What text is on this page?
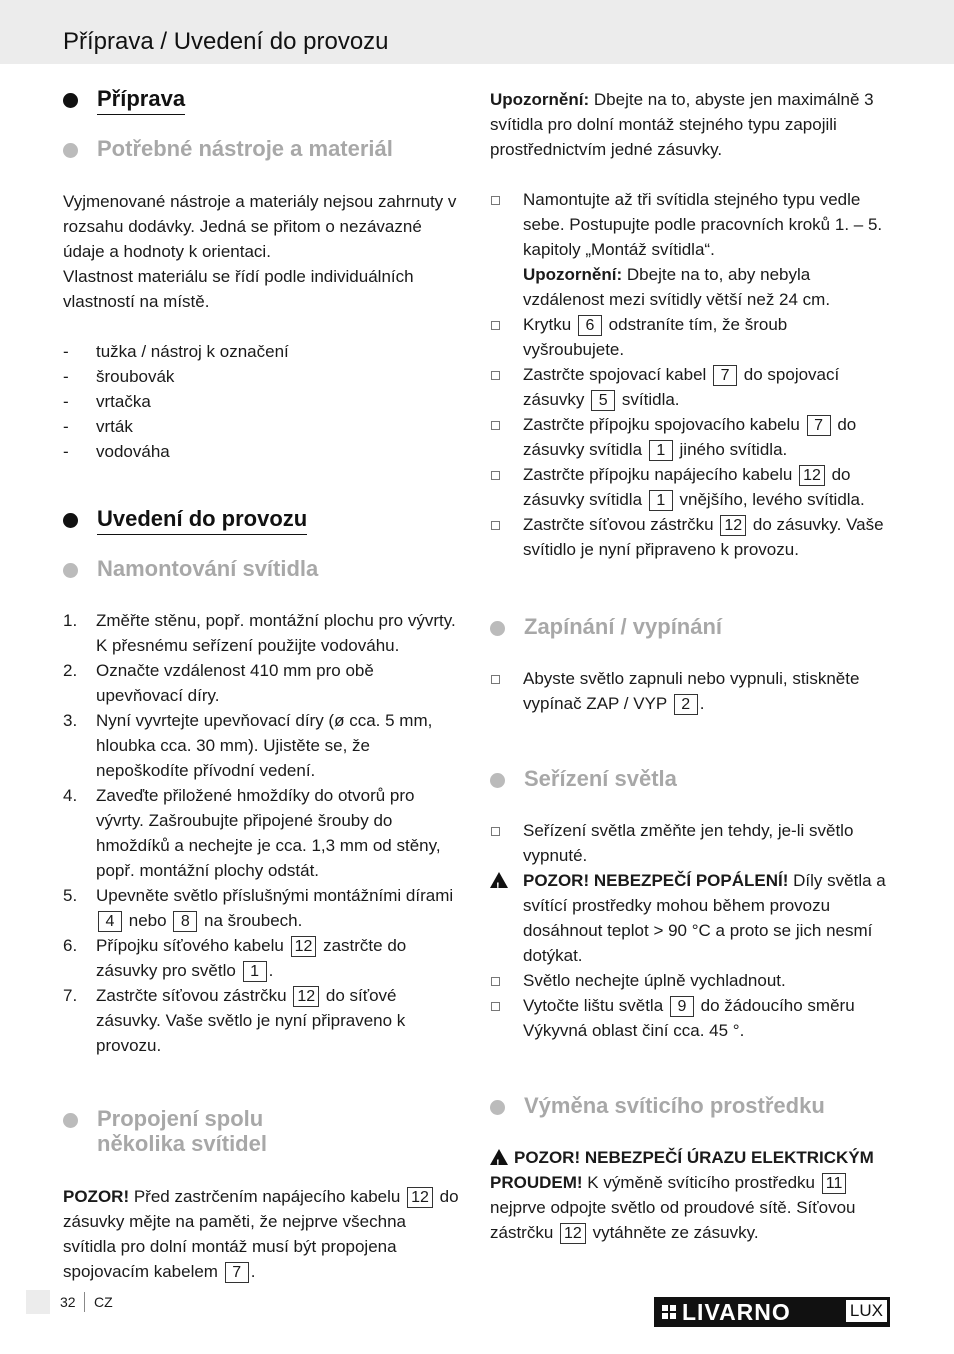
Příprava / Uvedení do provozu
Příprava
Potřebné nástroje a materiál
Vyjmenované nástroje a materiály nejsou zahrnuty v rozsahu dodávky. Jedná se přitom o nezávazné údaje a hodnoty k orientaci.
Vlastnost materiálu se řídí podle individuálních vlastností na místě.
- tužka / nástroj k označení
- šroubovák
- vrtačka
- vrták
- vodováha
Uvedení do provozu
Namontování svítidla
1. Změřte stěnu, popř. montážní plochu pro vývrty. K přesnému seřízení použijte vodováhu.
2. Označte vzdálenost 410 mm pro obě upevňovací díry.
3. Nyní vyvrtejte upevňovací díry (ø cca. 5 mm, hloubka cca. 30 mm). Ujistěte se, že nepoškodíte přívodní vedení.
4. Zaveďte přiložené hmoždíky do otvorů pro vývrty. Zašroubujte připojené šrouby do hmoždíků a nechejte je cca. 1,3 mm od stěny, popř. montážní plochy odstát.
5. Upevněte světlo příslušnými montážními dírami
4 nebo 8 na šroubech.
6. Přípojku síťového kabelu 12 zastrčte do zásuvky pro světlo 1 .
7. Zastrčte síťovou zástrčku 12 do síťové zásuvky. Vaše světlo je nyní připraveno k provozu.
Propojení spolu několika svítidel
POZOR! Před zastrčením napájecího kabelu 12 do zásuvky mějte na paměti, že nejprve všechna svítidla pro dolní montáž musí být propojena spojovacím kabelem 7 .
Upozornění: Dbejte na to, abyste jen maximálně 3 svítidla pro dolní montáž stejného typu zapojili prostřednictvím jedné zásuvky.
Namontujte až tři svítidla stejného typu vedle sebe. Postupujte podle pracovních kroků 1. – 5. kapitoly „Montáž svítidla“.
Upozornění: Dbejte na to, aby nebyla vzdálenost mezi svítidly větší než 24 cm.
Krytku 6 odstraníte tím, že šroub vyšroubujete.
Zastrčte spojovací kabel 7 do spojovací zásuvky 5 svítidla.
Zastrčte přípojku spojovacího kabelu 7 do zásuvky svítidla 1 jiného svítidla.
Zastrčte přípojku napájecího kabelu 12 do zásuvky svítidla 1 vnějšího, levého svítidla.
Zastrčte síťovou zástrčku 12 do zásuvky. Vaše svítidlo je nyní připraveno k provozu.
Zapínání / vypínání
Abyste světlo zapnuli nebo vypnuli, stiskněte vypínač ZAP / VYP 2 .
Seřízení světla
Seřízení světla změňte jen tehdy, je-li světlo vypnuté.
!
POZOR! NEBEZPEČÍ POPÁLENÍ! Díly světla a svítící prostředky mohou během provozu dosáhnout teplot > 90 °C a proto se jich nesmí dotýkat.
Světlo nechejte úplně vychladnout.
Vytočte lištu světla 9 do žádoucího směru Výkyvná oblast činí cca. 45 °.
Výměna svíticího prostředku
!POZOR! NEBEZPEČÍ ÚRAZU ELEKTRICKÝM PROUDEM! K výměně svíticího prostředku 11 nejprve odpojte světlo od proudové sítě. Síťovou zástrčku 12 vytáhněte ze zásuvky.
32 CZ	LIVARNO	LUX
